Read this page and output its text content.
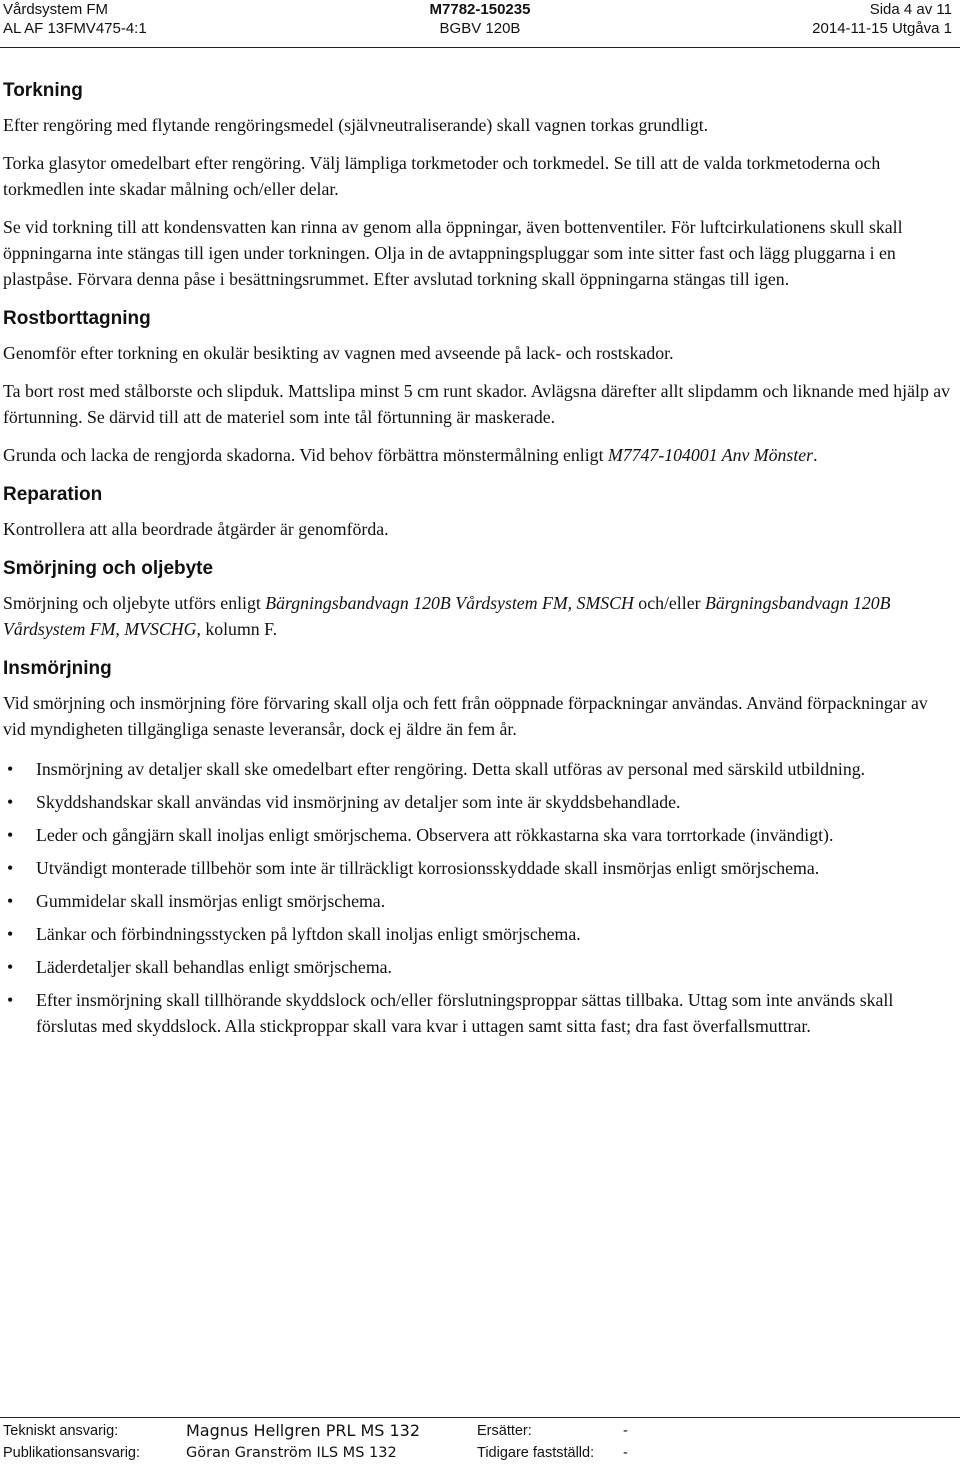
Vårdsystem FM	M7782-150235	Sida 4 av 11
AL AF 13FMV475-4:1	BGBV 120B	2014-11-15 Utgåva 1
Torkning

Efter rengöring med flytande rengöringsmedel (självneutraliserande) skall vagnen torkas grundligt.

Torka glasytor omedelbart efter rengöring. Välj lämpliga torkmetoder och torkmedel. Se till att de valda torkmetoderna och torkmedlen inte skadar målning och/eller delar.

Se vid torkning till att kondensvatten kan rinna av genom alla öppningar, även bottenventiler. För luftcirkulationens skull skall öppningarna inte stängas till igen under torkningen. Olja in de avtappningspluggar som inte sitter fast och lägg pluggarna i en plastpåse. Förvara denna påse i besättningsrummet. Efter avslutad torkning skall öppningarna stängas till igen.

Rostborttagning

Genomför efter torkning en okulär besikting av vagnen med avseende på lack- och rostskador.

Ta bort rost med stålborste och slipduk. Mattslipa minst 5 cm runt skador. Avlägsna därefter allt slipdamm och liknande med hjälp av förtunning. Se därvid till att de materiel som inte tål förtunning är maskerade.

Grunda och lacka de rengjorda skadorna. Vid behov förbättra mönstermålning enligt M7747-104001 Anv Mönster.

Reparation

Kontrollera att alla beordrade åtgärder är genomförda.

Smörjning och oljebyte

Smörjning och oljebyte utförs enligt Bärgningsbandvagn 120B Vårdsystem FM, SMSCH och/eller Bärgningsbandvagn 120B Vårdsystem FM, MVSCHG, kolumn F.

Insmörjning

Vid smörjning och insmörjning före förvaring skall olja och fett från oöppnade förpackningar användas. Använd förpackningar av vid myndigheten tillgängliga senaste leveransår, dock ej äldre än fem år.

• Insmörjning av detaljer skall ske omedelbart efter rengöring. Detta skall utföras av personal med särskild utbildning.
• Skyddshandskar skall användas vid insmörjning av detaljer som inte är skyddsbehandlade.
• Leder och gångjärn skall inoljas enligt smörjschema. Observera att rökkastarna ska vara torrtorkade (invändigt).
• Utvändigt monterade tillbehör som inte är tillräckligt korrosionsskyddade skall insmörjas enligt smörjschema.
• Gummidelar skall insmörjas enligt smörjschema.
• Länkar och förbindningsstycken på lyftdon skall inoljas enligt smörjschema.
• Läderdetaljer skall behandlas enligt smörjschema.
• Efter insmörjning skall tillhörande skyddslock och/eller förslutningsproppar sättas tillbaka. Uttag som inte används skall förslutas med skyddslock. Alla stickproppar skall vara kvar i uttagen samt sitta fast; dra fast överfallsmuttrar.
Tekniskt ansvarig:	Magnus Hellgren PRL MS 132	Ersätter:	-
Publikationsansvarig:	Göran Granström ILS MS 132	Tidigare fastställd: -
